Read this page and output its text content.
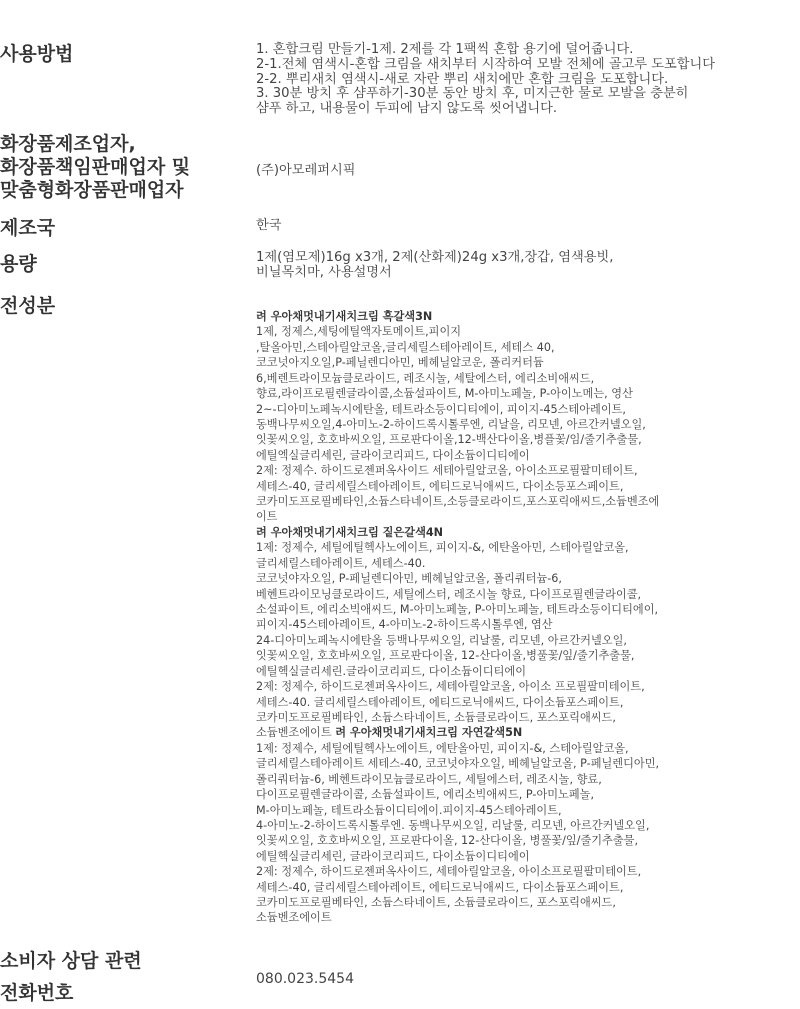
사용방법	1. 혼합크림 만들기-1제. 2제를 각 1팩씩 혼합 용기에 덜어줍니다.
2-1.전체 염색시-혼합 크림을 새치부터 시작하여 모발 전체에 골고루 도포합니다
2-2. 뿌리새치 염색시-새로 자란 뿌리 새치에만 혼합 크림을 도포합니다.
3. 30분 방치 후 샴푸하기-30분 동안 방치 후, 미지근한 물로 모발을 충분히
샴푸 하고, 내용물이 두피에 남지 않도록 씻어냅니다.
화장품제조업자,
화장품책임판매업자 및
맞춤형화장품판매업자
(주)아모레퍼시픽
제조국	한국
용량	1제(염모제)16g x3개, 2제(산화제)24g x3개,장갑, 염색용빗,
비닐목치마, 사용설명서
전성분	려 우아채멋내기새치크림 흑갈색3N
1제, 정제스,세팅에틸액자토메이트,피이지
,탈올아민,스테아릴알코올,글리세릴스테아레이트, 세테스 40,
코코넛아지오일,P-페닐렌디아민, 베헤닐알코운, 폴리커터듐
6,베렌트라이모늄클로라이드, 레조시놀, 세탈에스터, 에리소비애씨드,
향료,라이프로필렌글라이콜,소듐설파이트, M-아미노페놀, P-아이노메는, 영산
2~-디아미노페녹시에탄올, 테트라소등이디티에이, 피이지-45스테아레이트,
동백나무씨오일,4-아미노-2-하이드록시톨루엔, 리날을, 리모넨, 아르간커넬오일,
잇꽃씨오일, 호호바씨오일, 프로판다이올,12-백산다이올,병플꽃/임/줄기추출물,
에틸엑실글리세린, 글라이코리피드, 다이소듐이디티에이
2제: 정제수. 하이드로젠퍼옥사이드 세테아릴알코올, 아이소프로필팔미테이트,
세테스-40, 글리세릴스테아레이트, 에티드로닉애씨드, 다이소등포스페이트,
코카미도프로필베타인,소듐스타네이트,소등클로라이드,포스포릭애씨드,소듐벤조에
이트
려 우아채멋내기새치크림 짙은갈색4N
1제: 정제수, 세틸에틸헥사노에이트, 피이지-&, 에탄올아민, 스테아릴알코올,
글리세릴스테아레이트, 세테스-40.
코코넛야자오일, P-페닐렌디아민, 베헤닐알코올, 폴리쿼터늄-6,
베헨트라이모닝클로라이드, 세틸에스터, 레조시놀 향료, 다이프로필렌글라이콜,
소설파이트, 에리소빅애씨드, M-아미노페놀, P-아미노페놀, 테트라소등이디티에이,
피이지-45스테아레이트, 4-아미노-2-하이드록시톨루엔, 염산
24-디아미노페녹시에탄올 등백나무씨오일, 리날룰, 리모넨, 아르간커넬오일,
잇꽃씨오일, 호호바씨오일, 프로판다이올, 12-산다이올,병풀꽃/잎/줄기추출물,
에틸헥실글리세린.글라이코리피드, 다이소듐이디티에이
2제: 정제수, 하이드로젠퍼옥사이드, 세테아릴알코올, 아이소 프로필팔미테이트,
세테스-40. 글리세릴스테아레이트, 에티드로닉애씨드, 다이소듐포스페이트,
코카미도프로필베타인, 소듐스타네이트, 소듐클로라이드, 포스포릭애씨드,
소듐벤조에이트 려 우아채멋내기새치크림 자연갈색5N
1제: 정제수, 세틸에틸헥사노에이트, 에탄올아민, 피이지-&, 스테아릴알코올,
글리세릴스테아레이트 세테스-40, 코코넛야자오일, 베헤닐알코올, P-페닐렌디아민,
폴리쿼터늄-6, 베헨트라이모늄클로라이드, 세틸에스터, 레조시놀, 향료,
다이프로필렌글라이콜, 소듐설파이트, 에리소빅애씨드, P-아미노페놀,
M-아미노페놀, 테트라소듐이디티에이.피이지-45스테아레이트,
4-아미노-2-하이드록시톨루엔. 동백나무씨오일, 리날룰, 리모넨, 아르간커넬오일,
잇꽃씨오일, 호호바씨오일, 프로판다이올, 12-산다이올, 병풀꽃/잎/줄기추출물,
에틸헥실글리세린, 글라이코리피드, 다이소듐이디티에이
2제: 정제수, 하이드로젠퍼옥사이드, 세테아릴알코올, 아이소프로필팔미테이트,
세테스-40, 글리세릴스테아레이트, 에티드로닉애씨드, 다이소듐포스페이트,
코카미도프로필베타인, 소듐스타네이트, 소듐클로라이드, 포스포릭애씨드,
소듐벤조에이트
소비자 상담 관련
전화번호
080.023.5454
